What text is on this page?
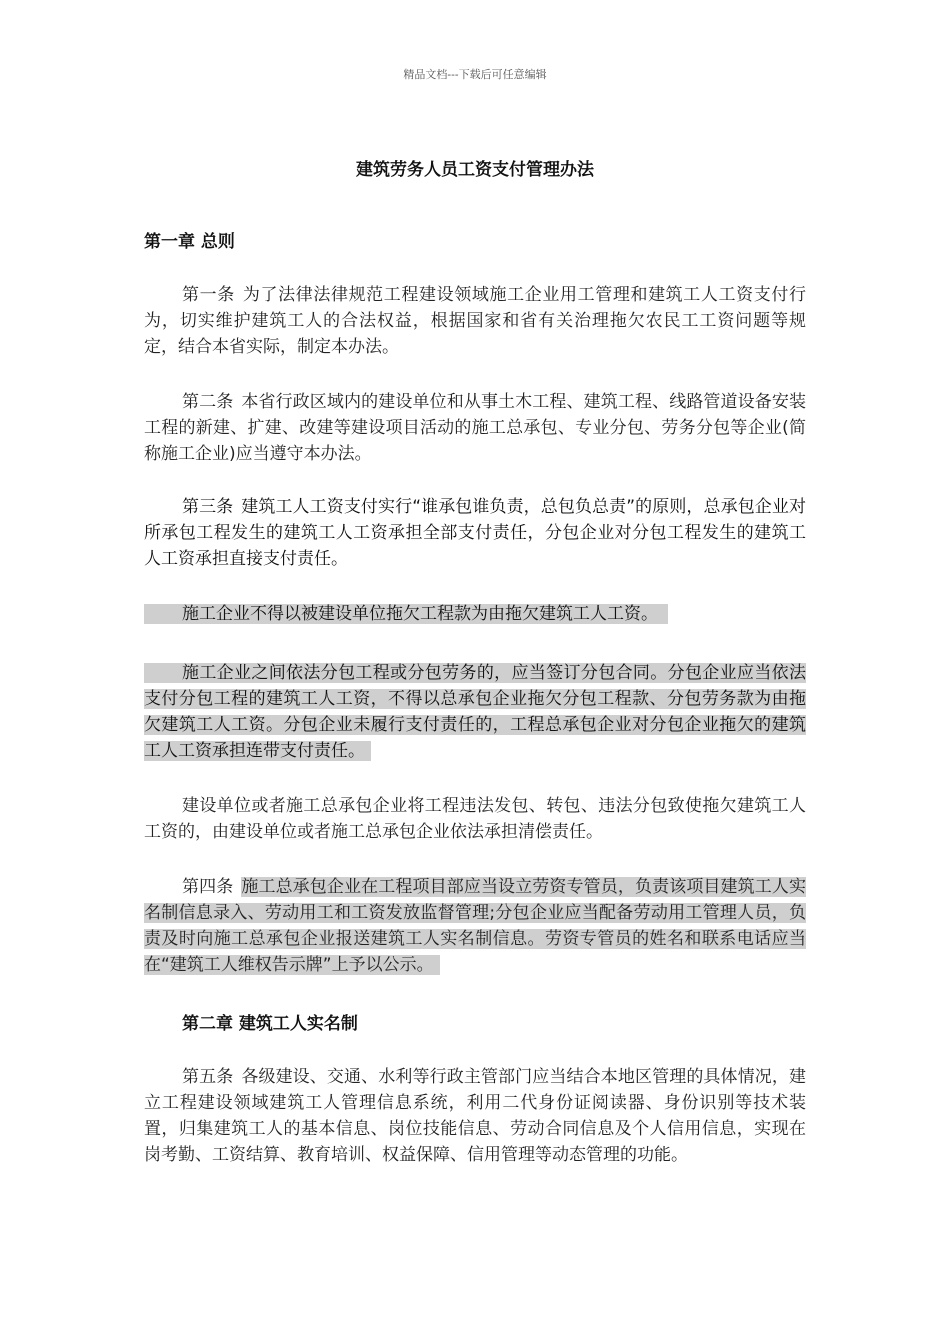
精品文档---下载后可任意编辑
建筑劳务人员工资支付管理办法
第一章 总则

第一条 为了法律法律规范工程建设领域施工企业用工管理和建筑工人工资支付行为，切实维护建筑工人的合法权益，根据国家和省有关治理拖欠农民工工资问题等规定，结合本省实际，制定本办法。

第二条 本省行政区域内的建设单位和从事土木工程、建筑工程、线路管道设备安装工程的新建、扩建、改建等建设项目活动的施工总承包、专业分包、劳务分包等企业(简称施工企业)应当遵守本办法。

第三条 建筑工人工资支付实行“谁承包谁负责，总包负总责”的原则，总承包企业对所承包工程发生的建筑工人工资承担全部支付责任，分包企业对分包工程发生的建筑工人工资承担直接支付责任。

施工企业不得以被建设单位拖欠工程款为由拖欠建筑工人工资。

施工企业之间依法分包工程或分包劳务的，应当签订分包合同。分包企业应当依法支付分包工程的建筑工人工资，不得以总承包企业拖欠分包工程款、分包劳务款为由拖欠建筑工人工资。分包企业未履行支付责任的，工程总承包企业对分包企业拖欠的建筑工人工资承担连带支付责任。

建设单位或者施工总承包企业将工程违法发包、转包、违法分包致使拖欠建筑工人工资的，由建设单位或者施工总承包企业依法承担清偿责任。

第四条 施工总承包企业在工程项目部应当设立劳资专管员，负责该项目建筑工人实名制信息录入、劳动用工和工资发放监督管理;分包企业应当配备劳动用工管理人员，负责及时向施工总承包企业报送建筑工人实名制信息。劳资专管员的姓名和联系电话应当在“建筑工人维权告示牌”上予以公示。

第二章 建筑工人实名制

第五条 各级建设、交通、水利等行政主管部门应当结合本地区管理的具体情况，建立工程建设领域建筑工人管理信息系统，利用二代身份证阅读器、身份识别等技术装置，归集建筑工人的基本信息、岗位技能信息、劳动合同信息及个人信用信息，实现在岗考勤、工资结算、教育培训、权益保障、信用管理等动态管理的功能。
